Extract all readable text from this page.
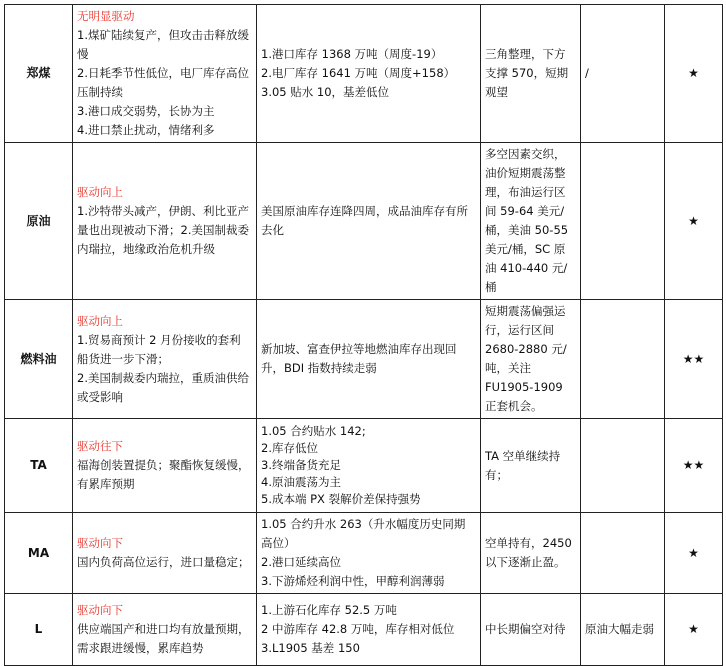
郑煤	无明显驱动
1.煤矿陆续复产，但攻击击释放缓慢
2.日耗季节性低位，电厂库存高位压制持续
3.港口成交弱势，长协为主
4.进口禁止扰动，情绪利多	1.港口库存 1368 万吨（周度-19）
2.电厂库存 1641 万吨（周度+158）
3.05 贴水 10，基差低位	三角整理，下方支撑 570，短期观望	/	★
原油	驱动向上
1.沙特带头减产，伊朗、利比亚产量也出现被动下滑；2.美国制裁委内瑞拉，地缘政治危机升级	美国原油库存连降四周，成品油库存有所去化	多空因素交织，油价短期震荡整理，布油运行区间 59-64 美元/桶，美油 50-55 美元/桶，SC 原油 410-440 元/桶		★
燃料油	驱动向上
1.贸易商预计 2 月份接收的套利船货进一步下滑；
2.美国制裁委内瑞拉，重质油供给或受影响	新加坡、富查伊拉等地燃油库存出现回升，BDI 指数持续走弱	短期震荡偏强运行，运行区间 2680-2880 元/吨，关注 FU1905-1909 正套机会。		★★
TA	驱动往下
福海创装置提负；聚酯恢复缓慢，有累库预期	1.05 合约贴水 142;
2.库存低位
3.终端备货充足
4.原油震荡为主
5.成本端 PX 裂解价差保持强势	TA 空单继续持有；		★★
MA	驱动向下
国内负荷高位运行，进口量稳定；	1.05 合约升水 263（升水幅度历史同期高位）
2.港口延续高位
3.下游烯烃利润中性，甲醇利润薄弱	空单持有，2450 以下逐渐止盈。		★
L	驱动向下
供应端国产和进口均有放量预期，需求跟进缓慢，累库趋势	1.上游石化库存 52.5 万吨
2 中游库存 42.8 万吨，库存相对低位
3.L1905 基差 150	中长期偏空对待	原油大幅走弱	★
